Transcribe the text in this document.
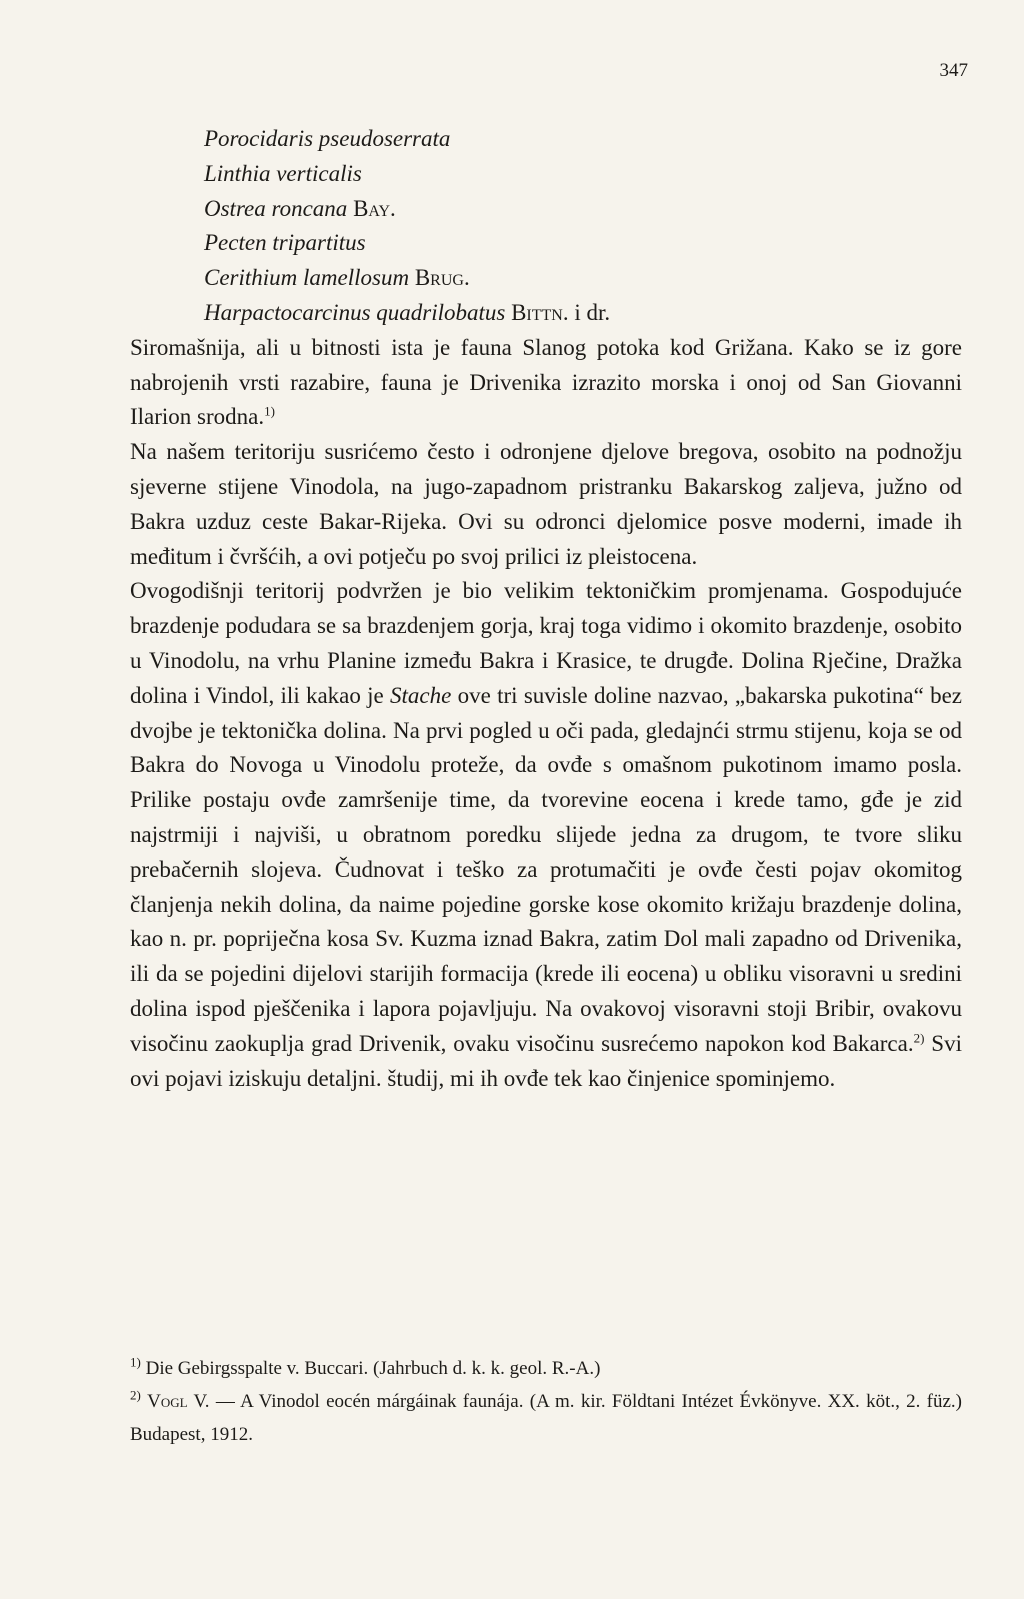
347
Porocidaris pseudoserrata
Linthia verticalis
Ostrea roncana Bay.
Pecten tripartitus
Cerithium lamellosum Brug.
Harpactocarcinus quadrilobatus Bittn. i dr.

Siromašnija, ali u bitnosti ista je fauna Slanog potoka kod Grižana. Kako se iz gore nabrojenih vrsti razabire, fauna je Drivenika izrazito morska i onoj od San Giovanni Ilarion srodna.$^{1)}$

Na našem teritoriju susrićemo često i odronjene djelove bregova, osobito na podnožju sjeverne stijene Vinodola, na jugo-zapadnom pristranku Bakarskog zaljeva, južno od Bakra uzduz ceste Bakar-Rijeka. Ovi su odronci djelomice posve moderni, imade ih međitum i čvršćih, a ovi potječu po svoj prilici iz pleistocena.

Ovogodišnji teritorij podvržen je bio velikim tektoničkim promjenama. Gospodujuće brazdenje podudara se sa brazdenjem gorja, kraj toga vidimo i okomito brazdenje, osobito u Vinodolu, na vrhu Planine između Bakra i Krasice, te drugđe. Dolina Rječine, Dražka dolina i Vindol, ili kakao je Stache ove tri suvisle doline nazvao, „bakarska pukotina“ bez dvojbe je tektonička dolina. Na prvi pogled u oči pada, gledajnći strmu stijenu, koja se od Bakra do Novoga u Vinodolu proteže, da ovđe s omašnom pukotinom imamo posla. Prilike postaju ovđe zamršenije time, da tvorevine eocena i krede tamo, gđe je zid najstrmiji i najviši, u obratnom poredku slijede jedna za drugom, te tvore sliku prebačernih slojeva. Čudnovat i teško za protumačiti je ovđe česti pojav okomitog članjenja nekih dolina, da naime pojedine gorske kose okomito križaju brazdenje dolina, kao n. pr. popriječna kosa Sv. Kuzma iznad Bakra, zatim Dol mali zapadno od Drivenika, ili da se pojedini dijelovi starijih formacija (krede ili eocena) u obliku visoravni u sredini dolina ispod pješčenika i lapora pojavljuju. Na ovakovoj visoravni stoji Bribir, ovakovu visočinu zaokuplja grad Drivenik, ovaku visočinu susrećemo napokon kod Bakarca.$^{2)}$ Svi ovi pojavi iziskuju detaljni. študij, mi ih ovđe tek kao činjenice spominjemo.

$^{1)}$ Die Gebirgsspalte v. Buccari. (Jahrbuch d. k. k. geol. R.-A.)
$^{2)}$ Vogl V. — A Vinodol eocén márgáinak faunája. (A m. kir. Földtani Intézet Évkönyve. XX. köt., 2. füz.) Budapest, 1912.
